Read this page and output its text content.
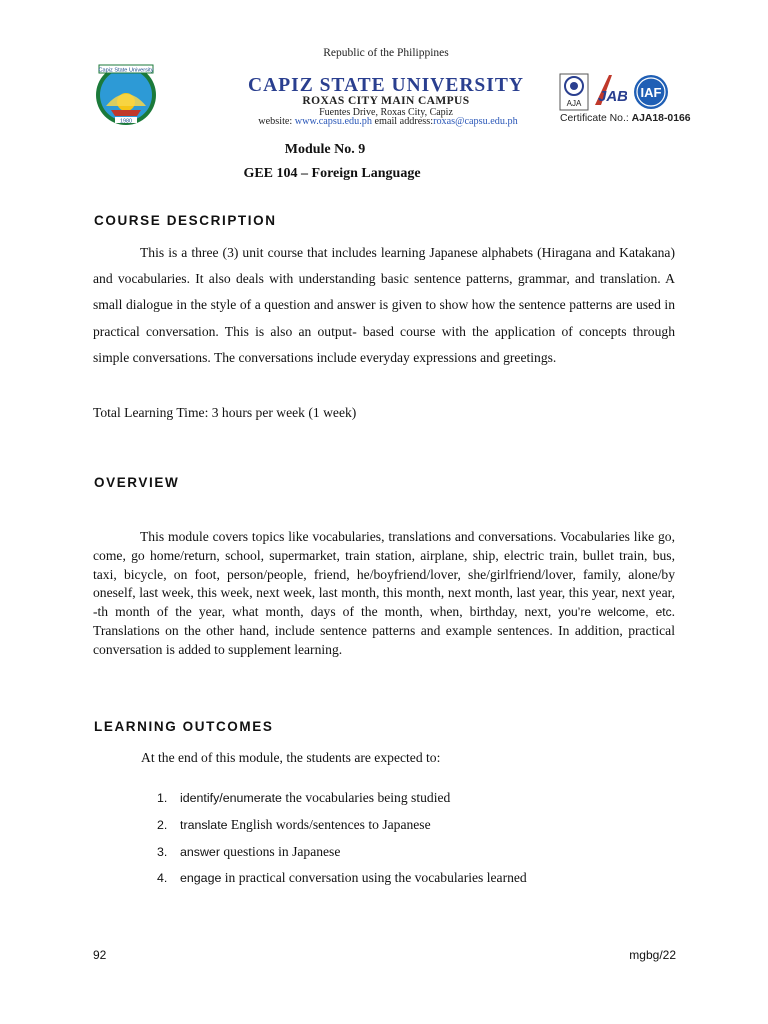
Capiz State University
1980
Republic of the Philippines
CAPIZ STATE UNIVERSITY
ROXAS CITY MAIN CAMPUS
Fuentes Drive, Roxas City, Capiz
website: www.capsu.edu.ph email address:roxas@capsu.edu.ph
AJA JAB IAF
Certificate No.: AJA18-0166
Module No. 9
GEE 104 – Foreign Language
COURSE DESCRIPTION

This is a three (3) unit course that includes learning Japanese alphabets (Hiragana and Katakana) and vocabularies. It also deals with understanding basic sentence patterns, grammar, and translation. A small dialogue in the style of a question and answer is given to show how the sentence patterns are used in practical conversation. This is also an output- based course with the application of concepts through simple conversations. The conversations include everyday expressions and greetings.

Total Learning Time: 3 hours per week (1 week)
OVERVIEW

This module covers topics like vocabularies, translations and conversations. Vocabularies like go, come, go home/return, school, supermarket, train station, airplane, ship, electric train, bullet train, bus, taxi, bicycle, on foot, person/people, friend, he/boyfriend/lover, she/girlfriend/lover, family, alone/by oneself, last week, this week, next week, last month, this month, next month, last year, this year, next year, -th month of the year, what month, days of the month, when, birthday, next, you’re welcome, etc. Translations on the other hand, include sentence patterns and example sentences. In addition, practical conversation is added to supplement learning.

LEARNING OUTCOMES
At the end of this module, the students are expected to:
1. identify/enumerate the vocabularies being studied
2. translate English words/sentences to Japanese
3. answer questions in Japanese
4. engage in practical conversation using the vocabularies learned
92	mgbg/22
